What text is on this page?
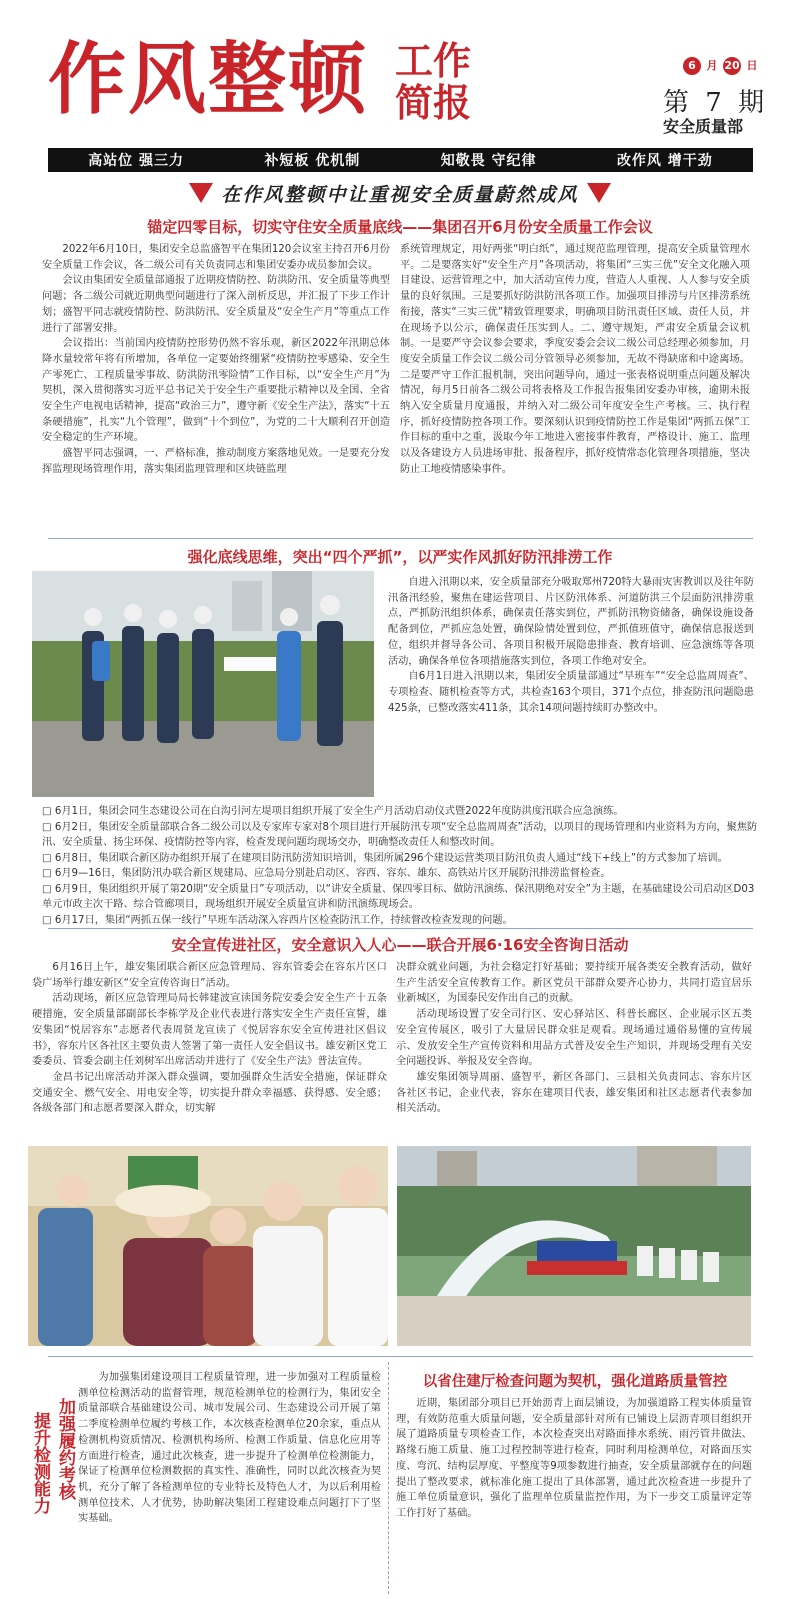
作风整顿 工作简报
6 月 20 日
第 7 期
安全质量部
高站位 强三力	补短板 优机制	知敬畏 守纪律	改作风 增干劲
在作风整顿中让重视安全质量蔚然成风
锚定四零目标，切实守住安全质量底线——集团召开6月份安全质量工作会议

2022年6月10日，集团安全总监盛智平在集团120会议室主持召开6月份安全质量工作会议，各二级公司有关负责同志和集团安委办成员参加会议。

会议由集团安全质量部通报了近期疫情防控、防洪防汛、安全质量等典型问题；各二级公司就近期典型问题进行了深入剖析反思，并汇报了下步工作计划；盛智平同志就疫情防控、防洪防汛、安全质量及“安全生产月”等重点工作进行了部署安排。

会议指出：当前国内疫情防控形势仍然不容乐观，新区2022年汛期总体降水量较常年将有所增加，各单位一定要始终绷紧“疫情防控零感染、安全生产零死亡、工程质量零事故、防洪防汛零险情”工作目标，以“安全生产月”为契机，深入贯彻落实习近平总书记关于安全生产重要批示精神以及全国、全省安全生产电视电话精神，提高“政治三力”，遵守新《安全生产法》，落实“十五条硬措施”，扎实“九个管理”，做到“十个到位”，为党的二十大顺利召开创造安全稳定的生产环境。

盛智平同志强调，一、严格标准，推动制度方案落地见效。一是要充分发挥监理现场管理作用，落实集团监理管理和区块链监理

系统管理规定，用好两张“明白纸”，通过规范监理管理，提高安全质量管理水平。二是要落实好“安全生产月”各项活动，将集团“三实三优”安全文化融入项目建设、运营管理之中，加大活动宣传力度，营造人人重视、人人参与安全质量的良好氛围。三是要抓好防洪防汛各项工作。加强项目排涝与片区排涝系统衔接，落实“三实三优”精致管理要求，明确项目防汛责任区域、责任人员，并在现场予以公示，确保责任压实到人。二、遵守规矩，严肃安全质量会议机制。一是要严守会议参会要求，季度安委会会议二级公司总经理必须参加，月度安全质量工作会议二级公司分管领导必须参加，无故不得缺席和中途离场。二是要严守工作汇报机制，突出问题导向，通过一张表格说明重点问题及解决情况，每月5日前各二级公司将表格及工作报告报集团安委办审核，逾期未报纳入安全质量月度通报，并纳入对二级公司年度安全生产考核。三、执行程序，抓好疫情防控各项工作。要深刻认识到疫情防控工作是集团“两抓五保”工作目标的重中之重，汲取今年工地进入密接事件教育，严格设计、施工、监理以及各建设方人员进场审批、报备程序，抓好疫情常态化管理各项措施，坚决防止工地疫情感染事件。

强化底线思维，突出“四个严抓”，以严实作风抓好防汛排涝工作

自进入汛期以来，安全质量部充分吸取郑州720特大暴雨灾害教训以及往年防汛备汛经验，聚焦在建运营项目、片区防汛体系、河道防洪三个层面防汛排涝重点，严抓防汛组织体系，确保责任落实到位，严抓防汛物资储备，确保设施设备配备到位，严抓应急处置，确保险情处置到位，严抓值班值守，确保信息报送到位，组织并督导各公司、各项目积极开展隐患排查、教育培训、应急演练等各项活动，确保各单位各项措施落实到位，各项工作绝对安全。

自6月1日进入汛期以来，集团安全质量部通过“早班车”“安全总监周周查”、专项检查、随机检查等方式，共检查163个项目，371个点位，排查防汛问题隐患425条，已整改落实411条，其余14项问题持续盯办整改中。

□ 6月1日，集团会同生态建设公司在白沟引河左堤项目组织开展了安全生产月活动启动仪式暨2022年度防洪度汛联合应急演练。
□ 6月2日，集团安全质量部联合各二级公司以及专家库专家对8个项目进行开展防汛专项“安全总监周周查”活动，以项目的现场管理和内业资料为方向，聚焦防汛、安全质量、扬尘环保、疫情防控等内容，检查发现问题均现场交办，明确整改责任人和整改时间。
□ 6月8日，集团联合新区防办组织开展了在建项目防汛防涝知识培训，集团所属296个建设运营类项目防汛负责人通过“线下+线上”的方式参加了培训。
□ 6月9—16日，集团防汛办联合新区规建局、应急局分别赴启动区、容西、容东、雄东、高铁站片区开展防汛排涝监督检查。
□ 6月9日，集团组织开展了第20期“安全质量日”专项活动，以“讲安全质量、保四零目标、做防汛演练、保汛期绝对安全”为主题，在基础建设公司启动区D03单元市政主次干路、综合管廊项目，现场组织开展安全质量宣讲和防汛演练现场会。
□ 6月17日，集团“两抓五保一线行”早班车活动深入容西片区检查防汛工作，持续督改检查发现的问题。
安全宣传进社区，安全意识入人心——联合开展6·16安全咨询日活动

6月16日上午，雄安集团联合新区应急管理局、容东管委会在容东片区口袋广场举行雄安新区“安全宣传咨询日”活动。

活动现场，新区应急管理局局长韩建波宣读国务院安委会安全生产十五条硬措施，安全质量部副部长李栋学及企业代表进行落实安全生产责任宣誓，雄安集团“悦居容东”志愿者代表周贤龙宣读了《悦居容东安全宣传进社区倡议书》，容东片区各社区主要负责人签署了第一责任人安全倡议书。雄安新区党工委委员、管委会副主任刘树军出席活动并进行了《安全生产法》普法宣传。

金昌书记出席活动并深入群众强调，要加强群众生活安全措施，保证群众交通安全、燃气安全、用电安全等，切实提升群众幸福感、获得感、安全感；各级各部门和志愿者要深入群众，切实解

决群众就业问题，为社会稳定打好基础；要持续开展各类安全教育活动，做好生产生活安全宣传教育工作。新区党员干部群众要齐心协力，共同打造宜居乐业新城区，为国泰民安作出自己的贡献。

活动现场设置了安全司行区、安心驿站区、科普长廊区、企业展示区五类安全宣传展区，吸引了大量居民群众驻足观看。现场通过通俗易懂的宣传展示、发放安全生产宣传资料和用品方式普及安全生产知识，并现场受理有关安全问题投诉、举报及安全咨询。

雄安集团领导周丽、盛智平，新区各部门、三县相关负责同志、容东片区各社区书记，企业代表，容东在建项目代表，雄安集团和社区志愿者代表参加相关活动。

加强履约考核
提升检测能力

为加强集团建设项目工程质量管理，进一步加强对工程质量检测单位检测活动的监督管理，规范检测单位的检测行为，集团安全质量部联合基础建设公司、城市发展公司、生态建设公司开展了第二季度检测单位履约考核工作，本次核查检测单位20余家，重点从检测机构资质情况、检测机构场所、检测工作质量、信息化应用等方面进行检查，通过此次核查，进一步提升了检测单位检测能力，保证了检测单位检测数据的真实性、准确性，同时以此次核查为契机，充分了解了各检测单位的专业特长及特色人才，为以后利用检测单位技术、人才优势，协助解决集团工程建设难点问题打下了坚实基础。

以省住建厅检查问题为契机，强化道路质量管控

近期，集团部分项目已开始沥青上面层铺设，为加强道路工程实体质量管理，有效防范重大质量问题，安全质量部针对所有已铺设上层沥青项目组织开展了道路质量专项检查工作，本次检查突出对路面排水系统、雨污管井做法、路缘石施工质量、施工过程控制等进行检查，同时利用检测单位，对路面压实度、弯沉、结构层厚度、平整度等9项参数进行抽查，安全质量部就存在的问题提出了整改要求，就标准化施工提出了具体部署，通过此次检查进一步提升了施工单位质量意识，强化了监理单位质量监控作用，为下一步交工质量评定等工作打好了基础。
